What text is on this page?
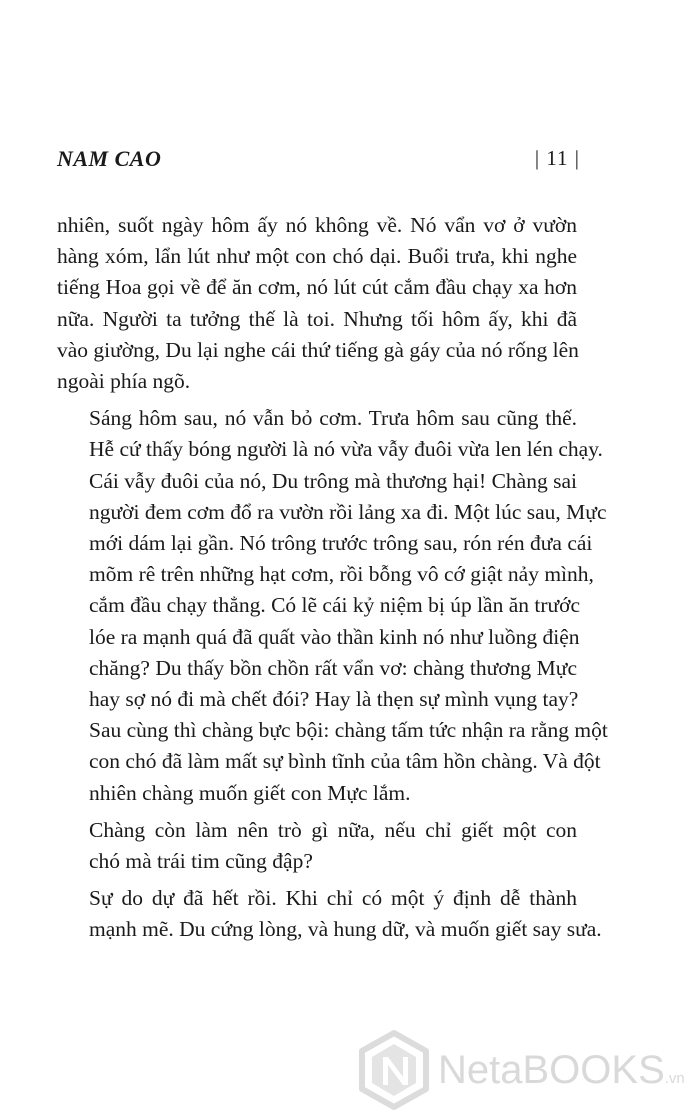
NAM CAO	| 11 |

nhiên, suốt ngày hôm ấy nó không về. Nó vẩn vơ ở vườn
hàng xóm, lẩn lút như một con chó dại. Buổi trưa, khi nghe
tiếng Hoa gọi về để ăn cơm, nó lút cút cắm đầu chạy xa hơn
nữa. Người ta tưởng thế là toi. Nhưng tối hôm ấy, khi đã
vào giường, Du lại nghe cái thứ tiếng gà gáy của nó rống lên
ngoài phía ngõ.

Sáng hôm sau, nó vẫn bỏ cơm. Trưa hôm sau cũng thế.
Hễ cứ thấy bóng người là nó vừa vẫy đuôi vừa len lén chạy.
Cái vẫy đuôi của nó, Du trông mà thương hại! Chàng sai
người đem cơm đổ ra vườn rồi lảng xa đi. Một lúc sau, Mực
mới dám lại gần. Nó trông trước trông sau, rón rén đưa cái
mõm rê trên những hạt cơm, rồi bỗng vô cớ giật nảy mình,
cắm đầu chạy thẳng. Có lẽ cái kỷ niệm bị úp lần ăn trước
lóe ra mạnh quá đã quất vào thần kinh nó như luồng điện
chăng? Du thấy bồn chồn rất vẩn vơ: chàng thương Mực
hay sợ nó đi mà chết đói? Hay là thẹn sự mình vụng tay?
Sau cùng thì chàng bực bội: chàng tấm tức nhận ra rằng một
con chó đã làm mất sự bình tĩnh của tâm hồn chàng. Và đột
nhiên chàng muốn giết con Mực lắm.

Chàng còn làm nên trò gì nữa, nếu chỉ giết một con
chó mà trái tim cũng đập?

Sự do dự đã hết rồi. Khi chỉ có một ý định dễ thành
mạnh mẽ. Du cứng lòng, và hung dữ, và muốn giết say sưa.

NetaBOOKS.vn
